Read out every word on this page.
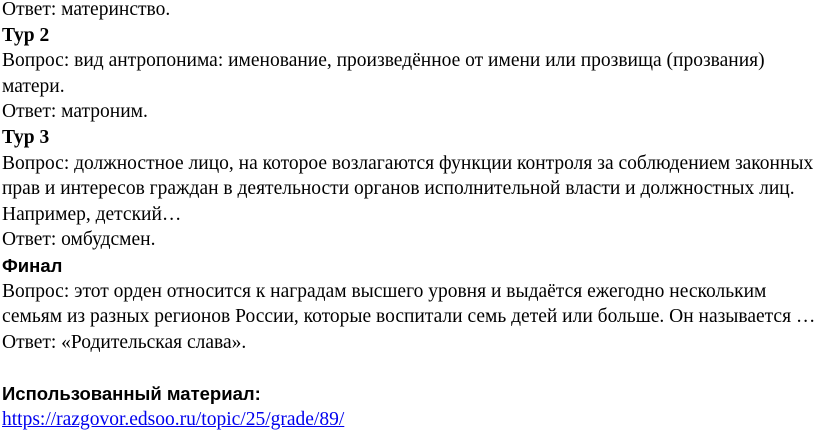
Ответ: материнство.

Тур 2

Вопрос: вид антропонима: именование, произведённое от имени или прозвища (прозвания)

матери.

Ответ: матроним.

Тур 3

Вопрос: должностное лицо, на которое возлагаются функции контроля за соблюдением законных

прав и интересов граждан в деятельности органов исполнительной власти и должностных лиц.

Например, детский…

Ответ: омбудсмен.

Финал

Вопрос: этот орден относится к наградам высшего уровня и выдаётся ежегодно нескольким

семьям из разных регионов России, которые воспитали семь детей или больше. Он называется …

Ответ: «Родительская слава».

Использованный материал:

https://razgovor.edsoo.ru/topic/25/grade/89/
